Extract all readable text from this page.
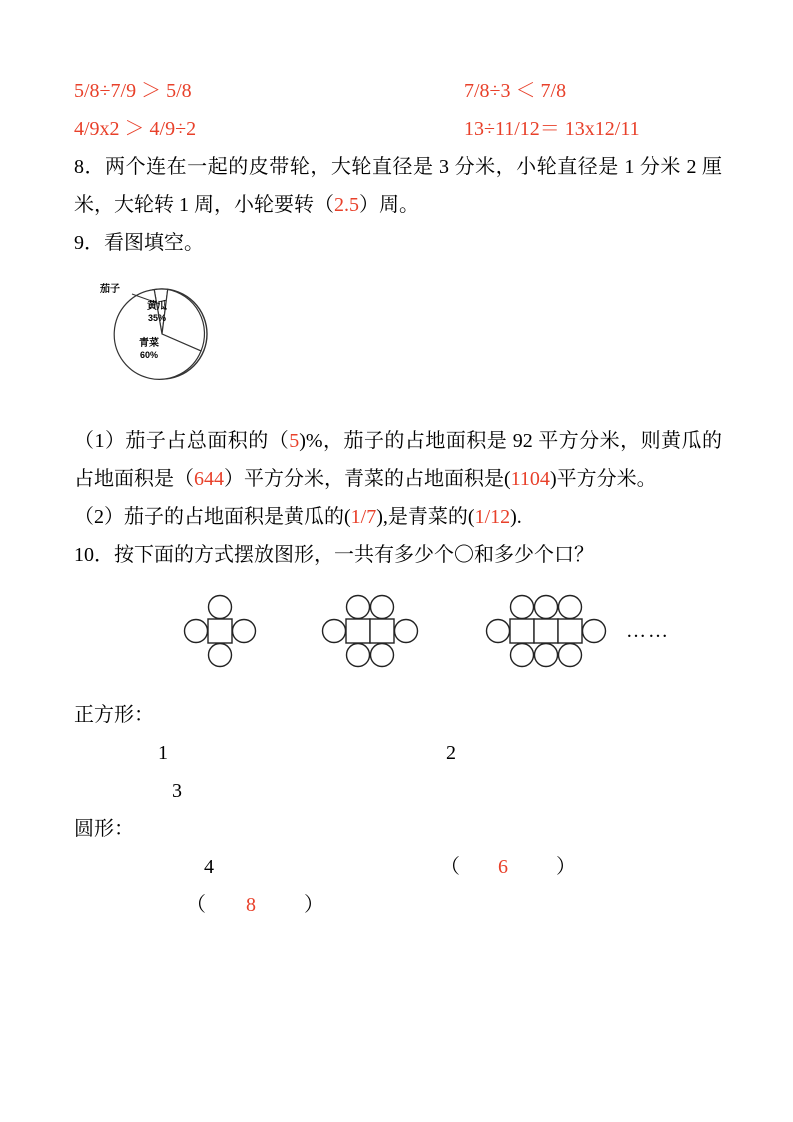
5/8÷7/9 ＞ 5/8	7/8÷3 ＜ 7/8
4/9x2 ＞ 4/9÷2	13÷11/12＝ 13x12/11
8．两个连在一起的皮带轮，大轮直径是 3 分米，小轮直径是 1 分米 2 厘米，大轮转 1 周，小轮要转（2.5）周。
9．看图填空。
茄子
黄瓜
35%
青菜
60%
（1）茄子占总面积的（5)%，茄子的占地面积是 92 平方分米，则黄瓜的占地面积是（644）平方分米，青菜的占地面积是(1104)平方分米。
（2）茄子的占地面积是黄瓜的(1/7),是青菜的(1/12).
10．按下面的方式摆放图形，一共有多少个〇和多少个口？
……
正方形：
1	2
3
圆形：
4	（ 6 ）
（ 8 ）
